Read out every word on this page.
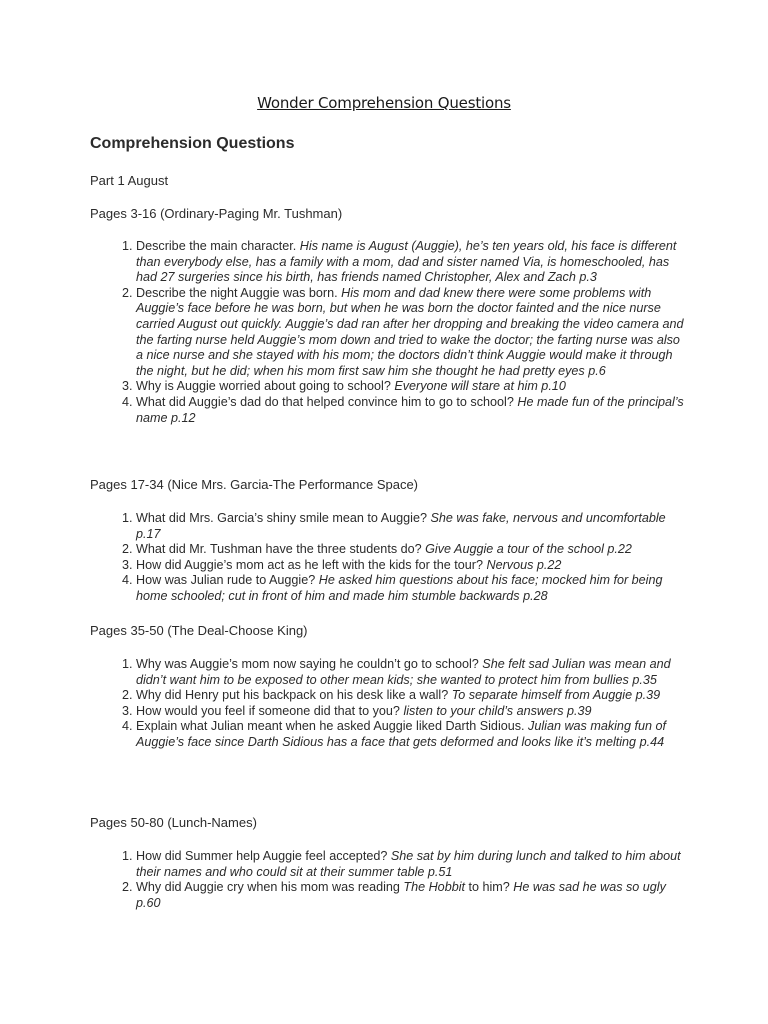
Wonder Comprehension Questions
Comprehension Questions
Part 1 August
Pages 3-16 (Ordinary-Paging Mr. Tushman)
1. Describe the main character. His name is August (Auggie), he’s ten years old, his face is different than everybody else, has a family with a mom, dad and sister named Via, is homeschooled, has had 27 surgeries since his birth, has friends named Christopher, Alex and Zach p.3
2. Describe the night Auggie was born. His mom and dad knew there were some problems with Auggie’s face before he was born, but when he was born the doctor fainted and the nice nurse carried August out quickly. Auggie’s dad ran after her dropping and breaking the video camera and the farting nurse held Auggie’s mom down and tried to wake the doctor; the farting nurse was also a nice nurse and she stayed with his mom; the doctors didn’t think Auggie would make it through the night, but he did; when his mom first saw him she thought he had pretty eyes p.6
3. Why is Auggie worried about going to school? Everyone will stare at him p.10
4. What did Auggie’s dad do that helped convince him to go to school? He made fun of the principal’s name p.12
Pages 17-34 (Nice Mrs. Garcia-The Performance Space)
1. What did Mrs. Garcia’s shiny smile mean to Auggie? She was fake, nervous and uncomfortable p.17
2. What did Mr. Tushman have the three students do? Give Auggie a tour of the school p.22
3. How did Auggie’s mom act as he left with the kids for the tour? Nervous p.22
4. How was Julian rude to Auggie? He asked him questions about his face; mocked him for being home schooled; cut in front of him and made him stumble backwards p.28
Pages 35-50 (The Deal-Choose King)
1. Why was Auggie’s mom now saying he couldn’t go to school? She felt sad Julian was mean and didn’t want him to be exposed to other mean kids; she wanted to protect him from bullies p.35
2. Why did Henry put his backpack on his desk like a wall? To separate himself from Auggie p.39
3. How would you feel if someone did that to you? listen to your child’s answers p.39
4. Explain what Julian meant when he asked Auggie liked Darth Sidious. Julian was making fun of Auggie’s face since Darth Sidious has a face that gets deformed and looks like it’s melting p.44
Pages 50-80 (Lunch-Names)
1. How did Summer help Auggie feel accepted? She sat by him during lunch and talked to him about their names and who could sit at their summer table p.51
2. Why did Auggie cry when his mom was reading The Hobbit to him? He was sad he was so ugly p.60
